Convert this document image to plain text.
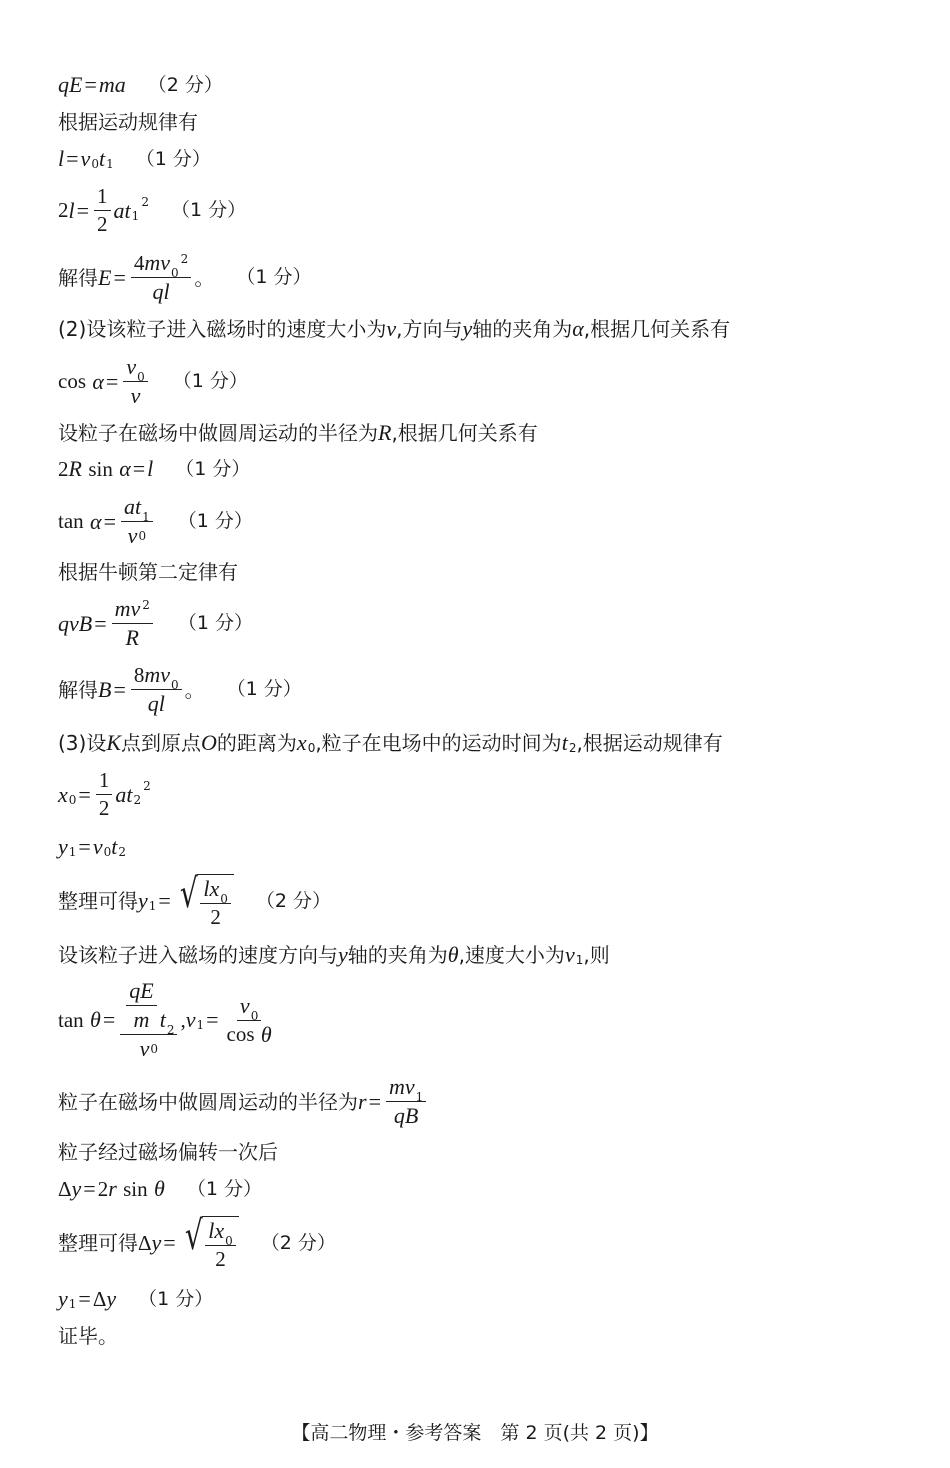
qE = ma （2 分）
根据运动规律有
l = v 0 t 1 （1 分）
2 $l = \frac{1}{2}$ at 1
2 （1 分）
解得 E = 4 mv 0
2
ql 。 （1 分）
(2)设该粒子进入磁场时的速度大小为 v ,方向与 y 轴的夹角为 α ,根据几何关系有
cos
$\alpha = \frac{v 0}{v} (1$ 分）
设粒子在磁场中做圆周运动的半径为 R ,根据几何关系有
2 R
sin
α = l （1 分）
tan
$\alpha = \frac{at 1}{v 0} (1$ 分）
根据牛顿第二定律有
qvB = $\frac{mv 2}{R} (1$ 分）
解得 $B = \frac{8 mv 0}{ql}$ 。 （1 分）
(3)设 K 点到原点 O 的距离为 x 0 ,粒子在电场中的运动时间为 t 2 ,根据运动规律有
x $0 = \frac{1}{2}$ at 2
2
y 1 = v 0 t 2
整理可得 y 1 = √ $\frac{lx 0}{2} (2$ 分）
设该粒子进入磁场的速度方向与 y 轴的夹角为 θ ,速度大小为 v 1 ,则
tan
$\theta = \frac{\frac{qE}{m} t 2}{v 0}$ , v 1 = v 0
cos
θ
粒子在磁场中做圆周运动的半径为 $r = \frac{mv 1}{qB}$
粒子经过磁场偏转一次后
Δ y = 2 r
sin
θ （1 分）
整理可得 Δ y = √ $\frac{lx 0}{2} (2$ 分）
y 1 = Δ y （1 分）
证毕。
【高二物理・参考答案　第 2 页(共 2 页)】
